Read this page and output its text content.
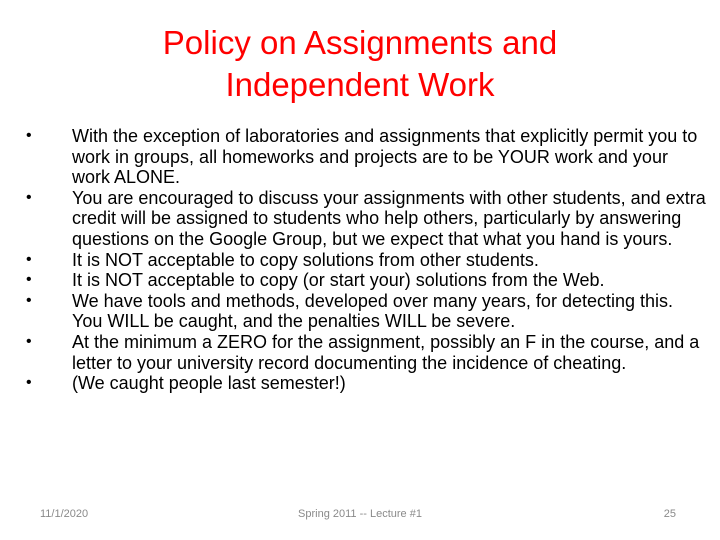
Policy on Assignments and
Independent Work
•	With the exception of laboratories and assignments that explicitly permit you to work in groups, all homeworks and projects are to be YOUR work and your work ALONE.
•	You are encouraged to discuss your assignments with other students, and extra credit will be assigned to students who help others, particularly by answering questions on the Google Group, but we expect that what you hand is yours.
•	It is NOT acceptable to copy solutions from other students.
•	It is NOT acceptable to copy (or start your) solutions from the Web.
•	We have tools and methods, developed over many years, for detecting this. You WILL be caught, and the penalties WILL be severe.
•	At the minimum a ZERO for the assignment, possibly an F in the course, and a letter to your university record documenting the incidence of cheating.
•	(We caught people last semester!)
11/1/2020	Spring 2011 -- Lecture #1	25
